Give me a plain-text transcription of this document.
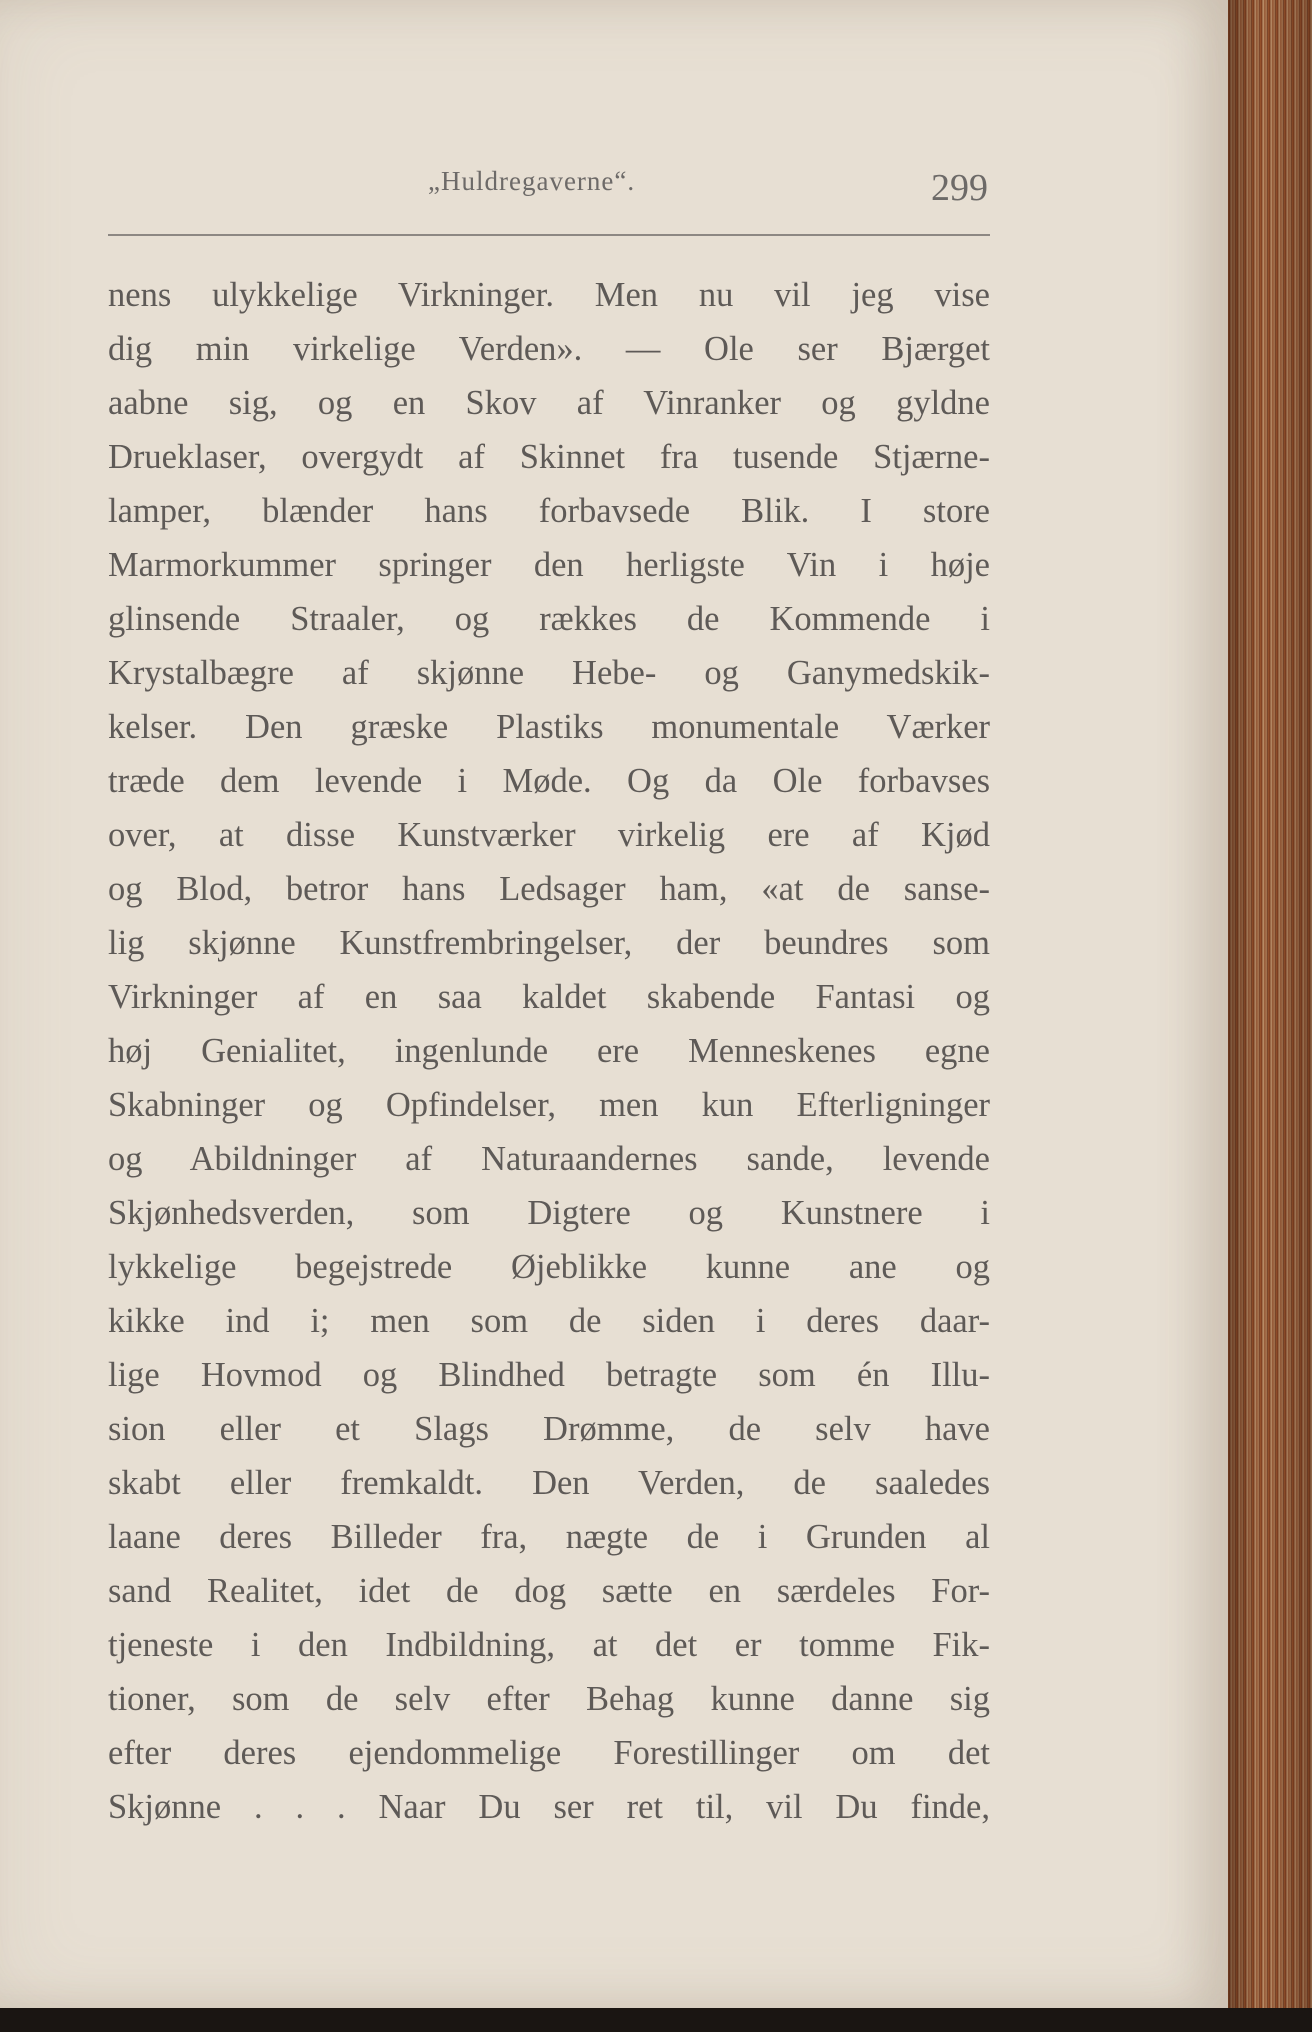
„Huldregaverne“.	299
nens ulykkelige Virkninger. Men nu vil jeg vise
dig min virkelige Verden». — Ole ser Bjærget
aabne sig, og en Skov af Vinranker og gyldne
Drueklaser, overgydt af Skinnet fra tusende Stjærne-
lamper, blænder hans forbavsede Blik. I store
Marmorkummer springer den herligste Vin i høje
glinsende Straaler, og rækkes de Kommende i
Krystalbægre af skjønne Hebe- og Ganymedskik-
kelser. Den græske Plastiks monumentale Værker
træde dem levende i Møde. Og da Ole forbavses
over, at disse Kunstværker virkelig ere af Kjød
og Blod, betror hans Ledsager ham, «at de sanse-
lig skjønne Kunstfrembringelser, der beundres som
Virkninger af en saa kaldet skabende Fantasi og
høj Genialitet, ingenlunde ere Menneskenes egne
Skabninger og Opfindelser, men kun Efterligninger
og Abildninger af Naturaandernes sande, levende
Skjønhedsverden, som Digtere og Kunstnere i
lykkelige begejstrede Øjeblikke kunne ane og
kikke ind i; men som de siden i deres daar-
lige Hovmod og Blindhed betragte som én Illu-
sion eller et Slags Drømme, de selv have
skabt eller fremkaldt. Den Verden, de saaledes
laane deres Billeder fra, nægte de i Grunden al
sand Realitet, idet de dog sætte en særdeles For-
tjeneste i den Indbildning, at det er tomme Fik-
tioner, som de selv efter Behag kunne danne sig
efter deres ejendommelige Forestillinger om det
Skjønne . . . Naar Du ser ret til, vil Du finde,
